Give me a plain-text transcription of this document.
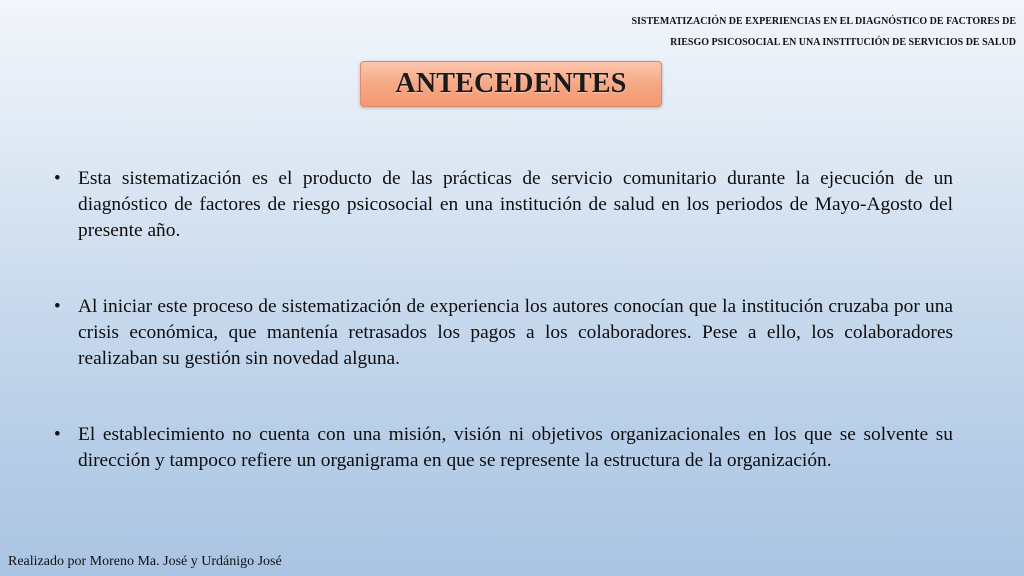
SISTEMATIZACIÓN DE EXPERIENCIAS EN EL DIAGNÓSTICO DE FACTORES DE
RIESGO PSICOSOCIAL EN UNA INSTITUCIÓN DE SERVICIOS DE SALUD
ANTECEDENTES
• Esta sistematización es el producto de las prácticas de servicio comunitario durante la ejecución de un diagnóstico de factores de riesgo psicosocial en una institución de salud en los periodos de Mayo-Agosto del presente año.
• Al iniciar este proceso de sistematización de experiencia los autores conocían que la institución cruzaba por una crisis económica, que mantenía retrasados los pagos a los colaboradores. Pese a ello, los colaboradores realizaban su gestión sin novedad alguna.
• El establecimiento no cuenta con una misión, visión ni objetivos organizacionales en los que se solvente su dirección y tampoco refiere un organigrama en que se represente la estructura de la organización.
Realizado por Moreno Ma. José y Urdánigo José
